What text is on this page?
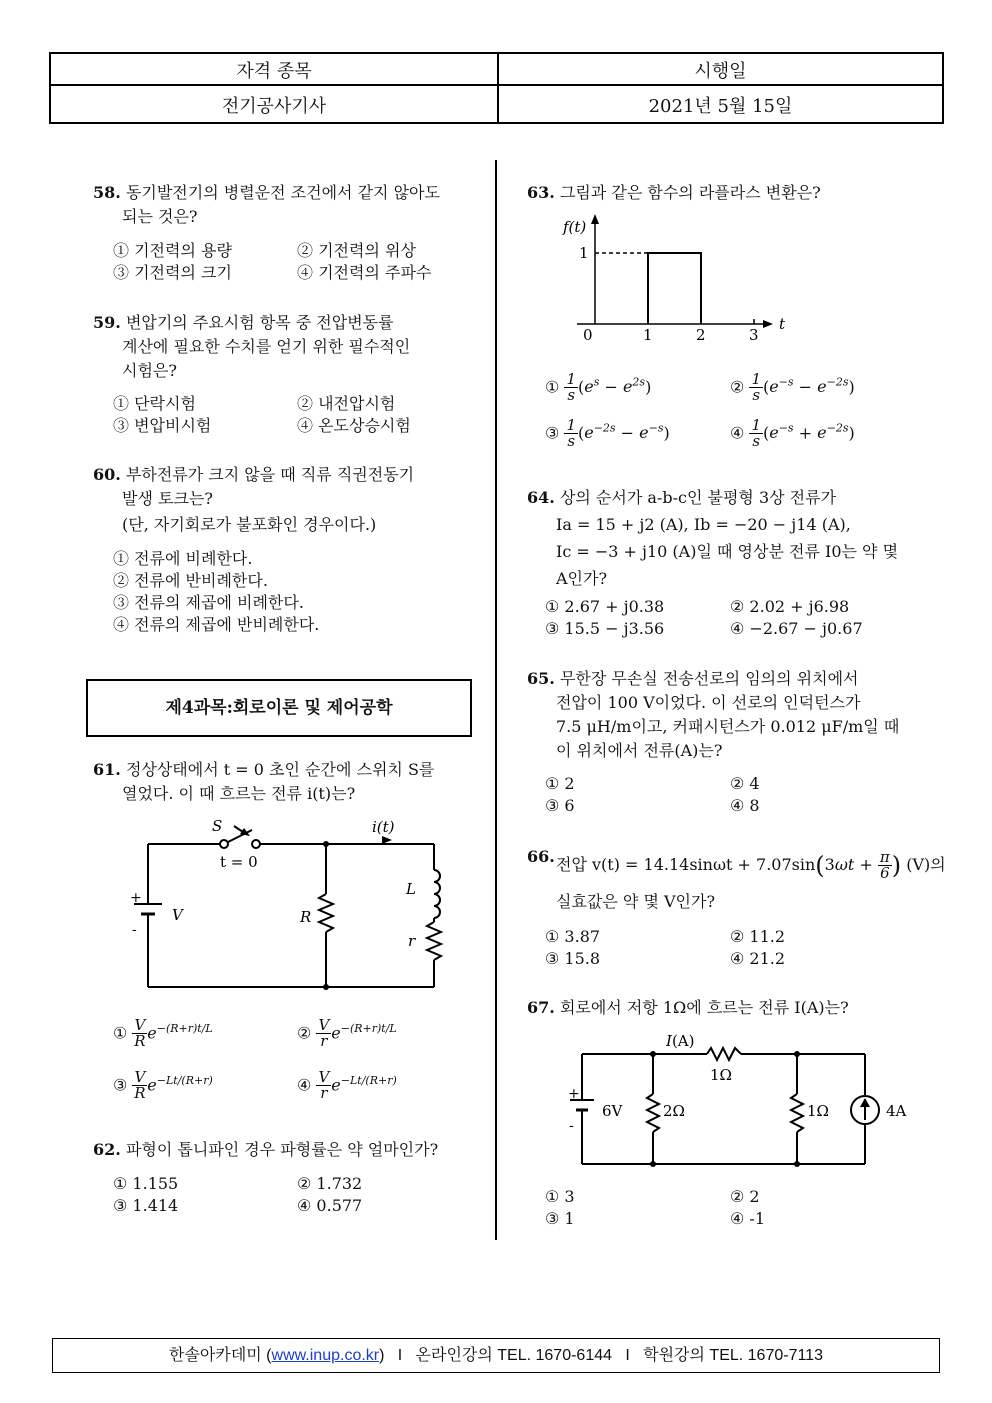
자격 종목	시행일
전기공사기사	2021년 5월 15일
58. 동기발전기의 병렬운전 조건에서 같지 않아도
되는 것은?
① 기전력의 용량	② 기전력의 위상
③ 기전력의 크기	④ 기전력의 주파수
59. 변압기의 주요시험 항목 중 전압변동률
계산에 필요한 수치를 얻기 위한 필수적인
시험은?
① 단락시험	② 내전압시험
③ 변압비시험	④ 온도상승시험
60. 부하전류가 크지 않을 때 직류 직권전동기
발생 토크는?
(단, 자기회로가 불포화인 경우이다.)
① 전류에 비례한다.
② 전류에 반비례한다.
③ 전류의 제곱에 비례한다.
④ 전류의 제곱에 반비례한다.
제4과목:회로이론 및 제어공학
61. 정상상태에서 t = 0 초인 순간에 스위치 S를
열었다. 이 때 흐르는 전류 i(t)는?
+
-
S
t = 0
i(t)
V	R
L
r
① $\frac{V}{R} e^{-(R+r)t/L}$	② $\frac{V}{r} e^{-(R+r)t/L}$
③ $\frac{V}{R} e^{-Lt/(R+r)}$	④ $\frac{V}{r} e^{-Lt/(R+r)}$
62. 파형이 톱니파인 경우 파형률은 약 얼마인가?
① 1.155	② 1.732
③ 1.414	④ 0.577
63. 그림과 같은 함수의 라플라스 변환은?
f(t)
1
0	1	2	3
t
① $\frac{1}{s} (e^s - e^{2s})$	② $\frac{1}{s} (e^{-s} - e^{-2s})$
③ $\frac{1}{s} (e^{-2s} - e^{-s})$	④ $\frac{1}{s} (e^{-s} + e^{-2s})$
64. 상의 순서가 a-b-c인 불평형 3상 전류가
Ia = 15 + j2 (A), Ib = −20 − j14 (A),
Ic = −3 + j10 (A)일 때 영상분 전류 I0는 약 몇
A인가?
① 2.67 + j0.38	② 2.02 + j6.98
③ 15.5 − j3.56	④ −2.67 − j0.67
65. 무한장 무손실 전송선로의 임의의 위치에서
전압이 100 V이었다. 이 선로의 인덕턴스가
7.5 μH/m이고, 커패시턴스가 0.012 μF/m일 때
이 위치에서 전류(A)는?
① 2	② 4
③ 6	④ 8
66. 전압 $v(t) = 14.14\sin\omega t + 7.07\sin(3\omega t + \frac{\pi}{6}$ ) (V)의
실효값은 약 몇 V인가?
① 3.87	② 11.2
③ 15.8	④ 21.2
67. 회로에서 저항 1Ω에 흐르는 전류 I(A)는?
+
-
I(A)
1Ω
6V	2Ω	1Ω	4A
① 3	② 2
③ 1	④ -1
한솔아카데미 (www.inup.co.kr)   I   온라인강의 TEL. 1670-6144   I   학원강의 TEL. 1670-7113
